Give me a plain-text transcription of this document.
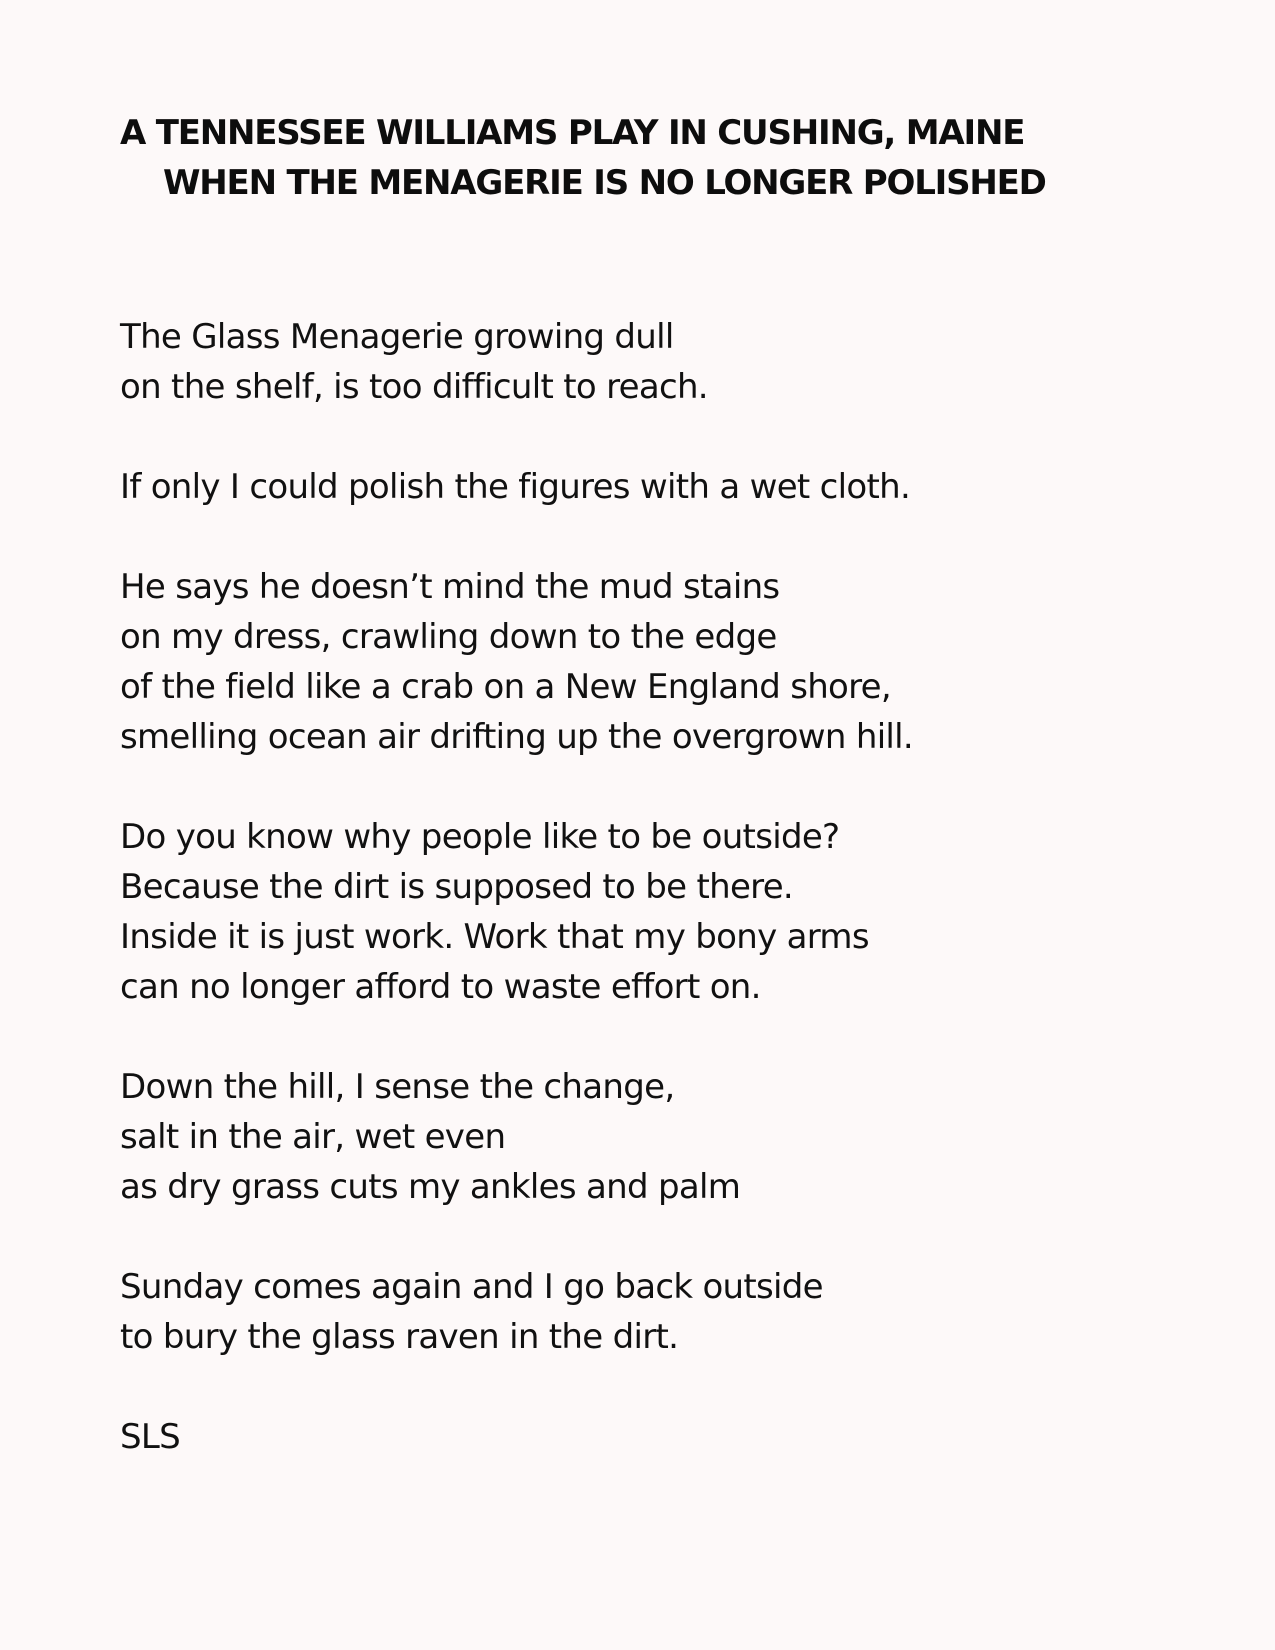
A TENNESSEE WILLIAMS PLAY IN CUSHING, MAINE
WHEN THE MENAGERIE IS NO LONGER POLISHED

The Glass Menagerie growing dull
on the shelf, is too difficult to reach.

If only I could polish the figures with a wet cloth.

He says he doesn’t mind the mud stains
on my dress, crawling down to the edge
of the field like a crab on a New England shore,
smelling ocean air drifting up the overgrown hill.

Do you know why people like to be outside?
Because the dirt is supposed to be there.
Inside it is just work. Work that my bony arms
can no longer afford to waste effort on.

Down the hill, I sense the change,
salt in the air, wet even
as dry grass cuts my ankles and palm

Sunday comes again and I go back outside
to bury the glass raven in the dirt.

SLS
